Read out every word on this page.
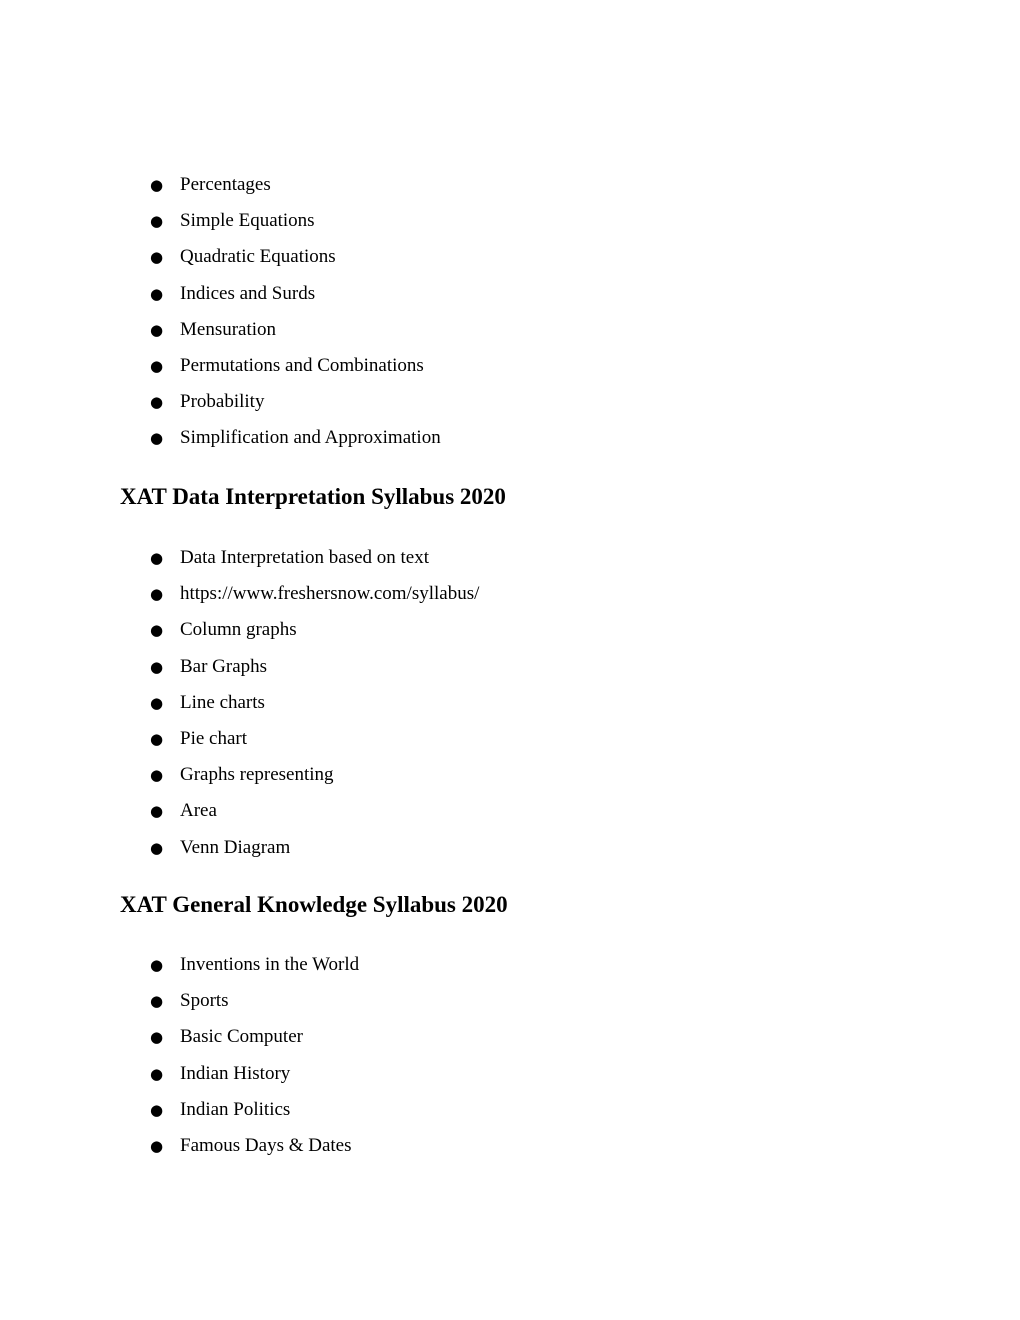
● Percentages
● Simple Equations
● Quadratic Equations
● Indices and Surds
● Mensuration
● Permutations and Combinations
● Probability
● Simplification and Approximation
XAT Data Interpretation Syllabus 2020
● Data Interpretation based on text
● https://www.freshersnow.com/syllabus/
● Column graphs
● Bar Graphs
● Line charts
● Pie chart
● Graphs representing
● Area
● Venn Diagram
XAT General Knowledge Syllabus 2020
● Inventions in the World
● Sports
● Basic Computer
● Indian History
● Indian Politics
● Famous Days & Dates
